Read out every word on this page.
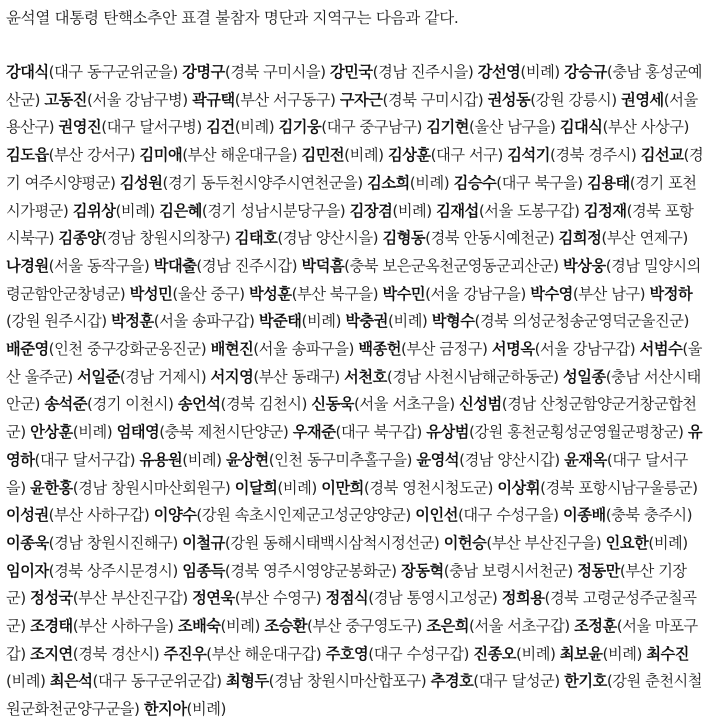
윤석열 대통령 탄핵소추안 표결 불참자 명단과 지역구는 다음과 같다.

강대식(대구 동구군위군을) 강명구(경북 구미시을) 강민국(경남 진주시을) 강선영(비례) 강승규(충남 홍성군예산군) 고동진(서울 강남구병) 곽규택(부산 서구동구) 구자근(경북 구미시갑) 권성동(강원 강릉시) 권영세(서울 용산구) 권영진(대구 달서구병) 김건(비례) 김기웅(대구 중구남구) 김기현(울산 남구을) 김대식(부산 사상구) 김도읍(부산 강서구) 김미애(부산 해운대구을) 김민전(비례) 김상훈(대구 서구) 김석기(경북 경주시) 김선교(경기 여주시양평군) 김성원(경기 동두천시양주시연천군을) 김소희(비례) 김승수(대구 북구을) 김용태(경기 포천시가평군) 김위상(비례) 김은혜(경기 성남시분당구을) 김장겸(비례) 김재섭(서울 도봉구갑) 김정재(경북 포항시북구) 김종양(경남 창원시의창구) 김태호(경남 양산시을) 김형동(경북 안동시예천군) 김희정(부산 연제구) 나경원(서울 동작구을) 박대출(경남 진주시갑) 박덕흠(충북 보은군옥천군영동군괴산군) 박상웅(경남 밀양시의령군함안군창녕군) 박성민(울산 중구) 박성훈(부산 북구을) 박수민(서울 강남구을) 박수영(부산 남구) 박정하(강원 원주시갑) 박정훈(서울 송파구갑) 박준태(비례) 박충권(비례) 박형수(경북 의성군청송군영덕군울진군) 배준영(인천 중구강화군옹진군) 배현진(서울 송파구을) 백종헌(부산 금정구) 서명옥(서울 강남구갑) 서범수(울산 울주군) 서일준(경남 거제시) 서지영(부산 동래구) 서천호(경남 사천시남해군하동군) 성일종(충남 서산시태안군) 송석준(경기 이천시) 송언석(경북 김천시) 신동욱(서울 서초구을) 신성범(경남 산청군함양군거창군합천군) 안상훈(비례) 엄태영(충북 제천시단양군) 우재준(대구 북구갑) 유상범(강원 홍천군횡성군영월군평창군) 유영하(대구 달서구갑) 유용원(비례) 윤상현(인천 동구미추홀구을) 윤영석(경남 양산시갑) 윤재옥(대구 달서구을) 윤한홍(경남 창원시마산회원구) 이달희(비례) 이만희(경북 영천시청도군) 이상휘(경북 포항시남구울릉군) 이성권(부산 사하구갑) 이양수(강원 속초시인제군고성군양양군) 이인선(대구 수성구을) 이종배(충북 충주시) 이종욱(경남 창원시진해구) 이철규(강원 동해시태백시삼척시정선군) 이헌승(부산 부산진구을) 인요한(비례) 임이자(경북 상주시문경시) 임종득(경북 영주시영양군봉화군) 장동혁(충남 보령시서천군) 정동만(부산 기장군) 정성국(부산 부산진구갑) 정연욱(부산 수영구) 정점식(경남 통영시고성군) 정희용(경북 고령군성주군칠곡군) 조경태(부산 사하구을) 조배숙(비례) 조승환(부산 중구영도구) 조은희(서울 서초구갑) 조정훈(서울 마포구갑) 조지연(경북 경산시) 주진우(부산 해운대구갑) 주호영(대구 수성구갑) 진종오(비례) 최보윤(비례) 최수진(비례) 최은석(대구 동구군위군갑) 최형두(경남 창원시마산합포구) 추경호(대구 달성군) 한기호(강원 춘천시철원군화천군양구군을) 한지아(비례)
